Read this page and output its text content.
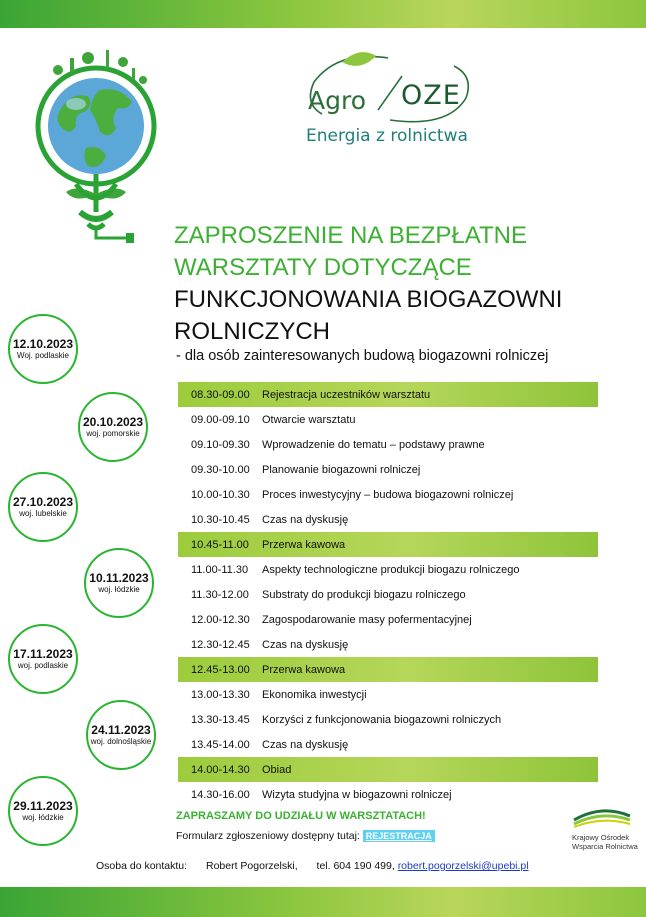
Agro OZE
Energia z rolnictwa
ZAPROSZENIE NA BEZPŁATNE
WARSZTATY DOTYCZĄCE
FUNKCJONOWANIA BIOGAZOWNI
ROLNICZYCH
- dla osób zainteresowanych budową biogazowni rolniczej
12.10.2023
Woj. podlaskie
20.10.2023
woj. pomorskie
27.10.2023
woj. lubelskie
10.11.2023
woj. łódzkie
17.11.2023
woj. podlaskie
24.11.2023
woj. dolnośląskie
29.11.2023
woj. łódzkie
08.30-09.00	Rejestracja uczestników warsztatu
09.00-09.10	Otwarcie warsztatu
09.10-09.30	Wprowadzenie do tematu – podstawy prawne
09.30-10.00	Planowanie biogazowni rolniczej
10.00-10.30	Proces inwestycyjny – budowa biogazowni rolniczej
10.30-10.45	Czas na dyskusję
10.45-11.00	Przerwa kawowa
11.00-11.30	Aspekty technologiczne produkcji biogazu rolniczego
11.30-12.00	Substraty do produkcji biogazu rolniczego
12.00-12.30	Zagospodarowanie masy pofermentacyjnej
12.30-12.45	Czas na dyskusję
12.45-13.00	Przerwa kawowa
13.00-13.30	Ekonomika inwestycji
13.30-13.45	Korzyści z funkcjonowania biogazowni rolniczych
13.45-14.00	Czas na dyskusję
14.00-14.30	Obiad
14.30-16.00	Wizyta studyjna w biogazowni rolniczej
ZAPRASZAMY DO UDZIAŁU W WARSZTATACH!
Formularz zgłoszeniowy dostępny tutaj: REJESTRACJA	Krajowy Ośrodek
Wsparcia Rolnictwa
Osoba do kontaktu: Robert Pogorzelski, tel. 604 190 499, robert.pogorzelski@upebi.pl
